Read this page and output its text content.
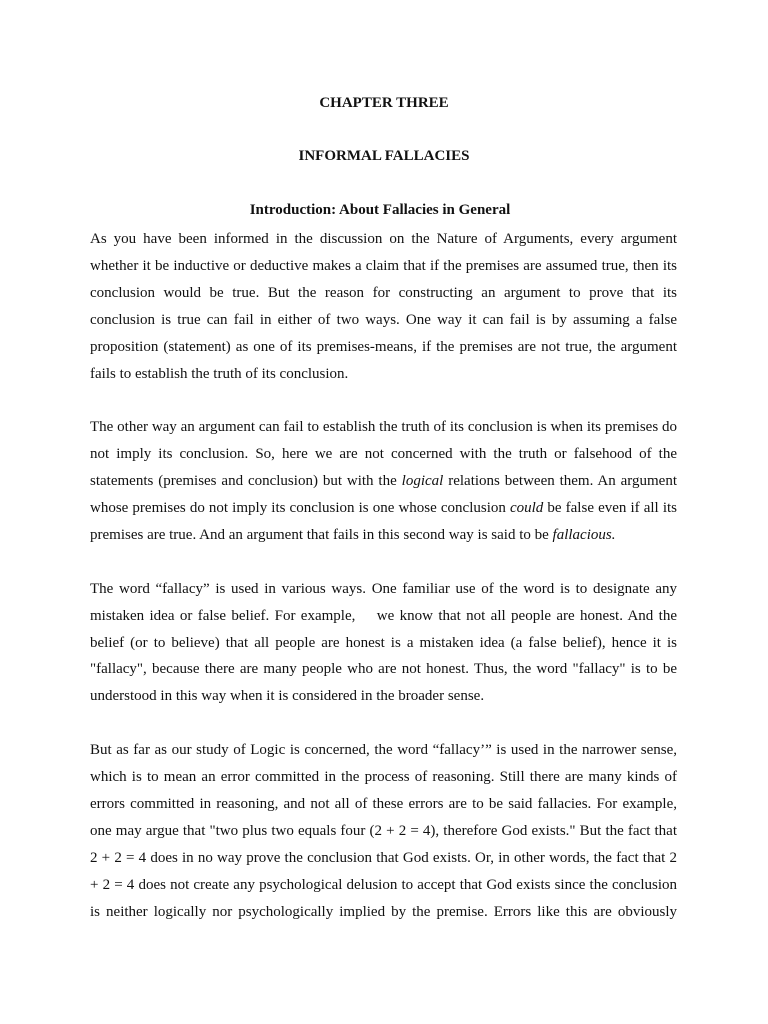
CHAPTER THREE
INFORMAL FALLACIES
Introduction: About Fallacies in General

As you have been informed in the discussion on the Nature of Arguments, every argument whether it be inductive or deductive makes a claim that if the premises are assumed true, then its conclusion would be true. But the reason for constructing an argument to prove that its conclusion is true can fail in either of two ways. One way it can fail is by assuming a false proposition (statement) as one of its premises-means, if the premises are not true, the argument fails to establish the truth of its conclusion.

The other way an argument can fail to establish the truth of its conclusion is when its premises do not imply its conclusion. So, here we are not concerned with the truth or falsehood of the statements (premises and conclusion) but with the logical relations between them. An argument whose premises do not imply its conclusion is one whose conclusion could be false even if all its premises are true. And an argument that fails in this second way is said to be fallacious.

The word “fallacy” is used in various ways. One familiar use of the word is to designate any mistaken idea or false belief. For example,    we know that not all people are honest. And the belief (or to believe) that all people are honest is a mistaken idea (a false belief), hence it is "fallacy", because there are many people who are not honest. Thus, the word "fallacy" is to be understood in this way when it is considered in the broader sense.

But as far as our study of Logic is concerned, the word “fallacy’” is used in the narrower sense, which is to mean an error committed in the process of reasoning. Still there are many kinds of errors committed in reasoning, and not all of these errors are to be said fallacies. For example, one may argue that "two plus two equals four (2 + 2 = 4), therefore God exists." But the fact that 2 + 2 = 4 does in no way prove the conclusion that God exists. Or, in other words, the fact that 2 + 2 = 4 does not create any psychological delusion to accept that God exists since the conclusion is neither logically nor psychologically implied by the premise. Errors like this are obviously
